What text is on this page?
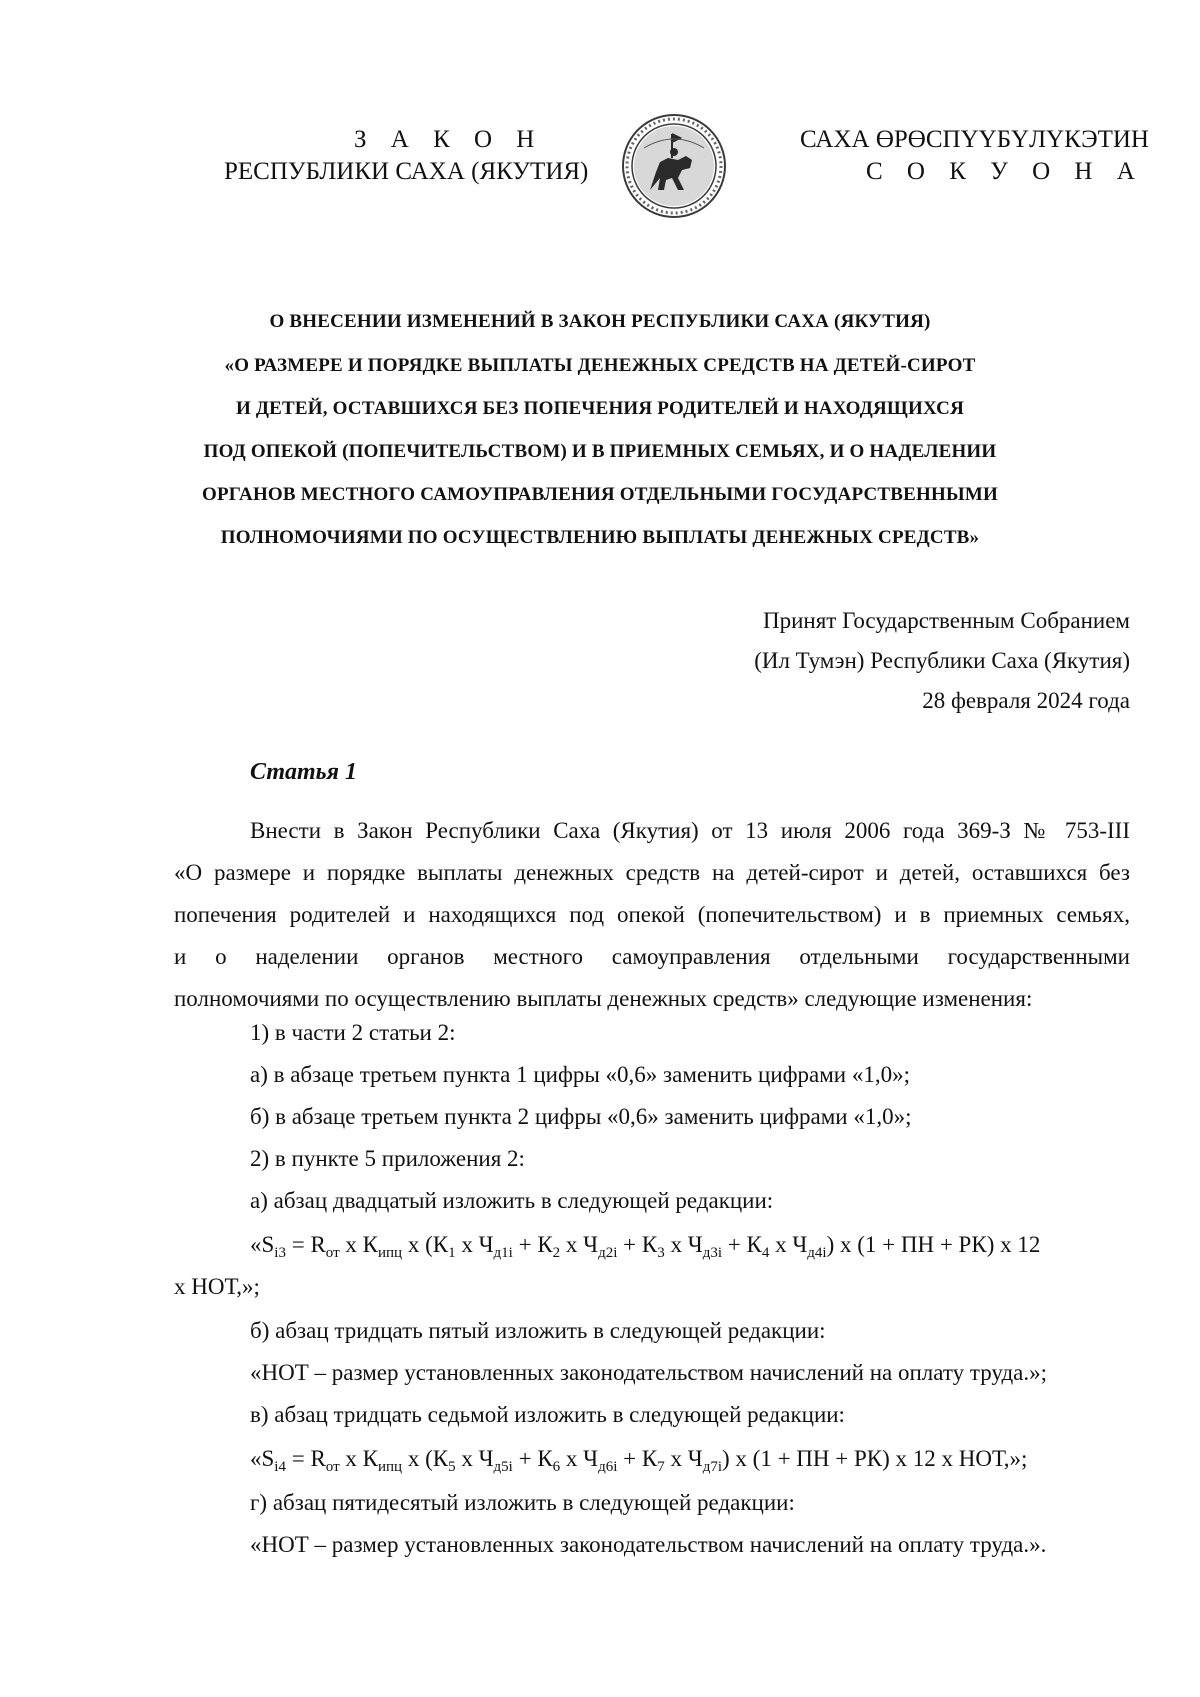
З А К О Н
РЕСПУБЛИКИ САХА (ЯКУТИЯ)
САХА ӨРӨСПҮҮБҮЛҮКЭТИН
С О К У О Н А
О ВНЕСЕНИИ ИЗМЕНЕНИЙ В ЗАКОН РЕСПУБЛИКИ САХА (ЯКУТИЯ)
«О РАЗМЕРЕ И ПОРЯДКЕ ВЫПЛАТЫ ДЕНЕЖНЫХ СРЕДСТВ НА ДЕТЕЙ-СИРОТ
И ДЕТЕЙ, ОСТАВШИХСЯ БЕЗ ПОПЕЧЕНИЯ РОДИТЕЛЕЙ И НАХОДЯЩИХСЯ
ПОД ОПЕКОЙ (ПОПЕЧИТЕЛЬСТВОМ) И В ПРИЕМНЫХ СЕМЬЯХ, И О НАДЕЛЕНИИ
ОРГАНОВ МЕСТНОГО САМОУПРАВЛЕНИЯ ОТДЕЛЬНЫМИ ГОСУДАРСТВЕННЫМИ
ПОЛНОМОЧИЯМИ ПО ОСУЩЕСТВЛЕНИЮ ВЫПЛАТЫ ДЕНЕЖНЫХ СРЕДСТВ»
Принят Государственным Собранием
(Ил Тумэн) Республики Саха (Якутия)
28 февраля 2024 года
Статья 1
Внести в Закон Республики Саха (Якутия) от 13 июля 2006 года 369-З № 753-III
«О размере и порядке выплаты денежных средств на детей-сирот и детей, оставшихся без
попечения родителей и находящихся под опекой (попечительством) и в приемных семьях,
и о наделении органов местного самоуправления отдельными государственными
полномочиями по осуществлению выплаты денежных средств» следующие изменения:
1) в части 2 статьи 2:
а) в абзаце третьем пункта 1 цифры «0,6» заменить цифрами «1,0»;
б) в абзаце третьем пункта 2 цифры «0,6» заменить цифрами «1,0»;
2) в пункте 5 приложения 2:
а) абзац двадцатый изложить в следующей редакции:
«$S_{i3} = R_{от}$ х $К_{ипц}$ х ($К_1$ х $Ч_{д1i} + К_2$ х $Ч_{д2i} + К_3$ х $Ч_{д3i} + К_4$ х $Ч_{д4i}$) х (1 + ПН + РК) х 12
х НОТ,»;
б) абзац тридцать пятый изложить в следующей редакции:
«НОТ – размер установленных законодательством начислений на оплату труда.»;
в) абзац тридцать седьмой изложить в следующей редакции:
«$S_{i4} = R_{от}$ х $К_{ипц}$ х ($К_5$ х $Ч_{д5i} + К_6$ х $Ч_{д6i} + К_7$ х $Ч_{д7i}$) х (1 + ПН + РК) х 12 х НОТ,»;
г) абзац пятидесятый изложить в следующей редакции:
«НОТ – размер установленных законодательством начислений на оплату труда.».
